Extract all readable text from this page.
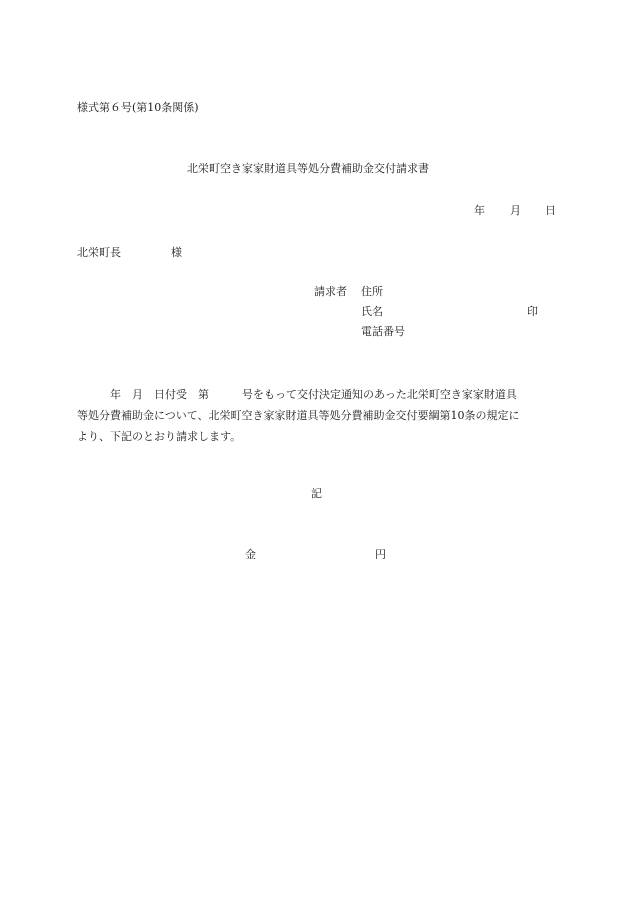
様式第６号(第10条関係)
北栄町空き家家財道具等処分費補助金交付請求書
年 月 日
北栄町長	様
請求者 住所
氏名	印
電話番号
　　　年　月　日付受　第　　　号をもって交付決定通知のあった北栄町空き家家財道具
等処分費補助金について、北栄町空き家家財道具等処分費補助金交付要綱第10条の規定に
より、下記のとおり請求します。
記
金	円
